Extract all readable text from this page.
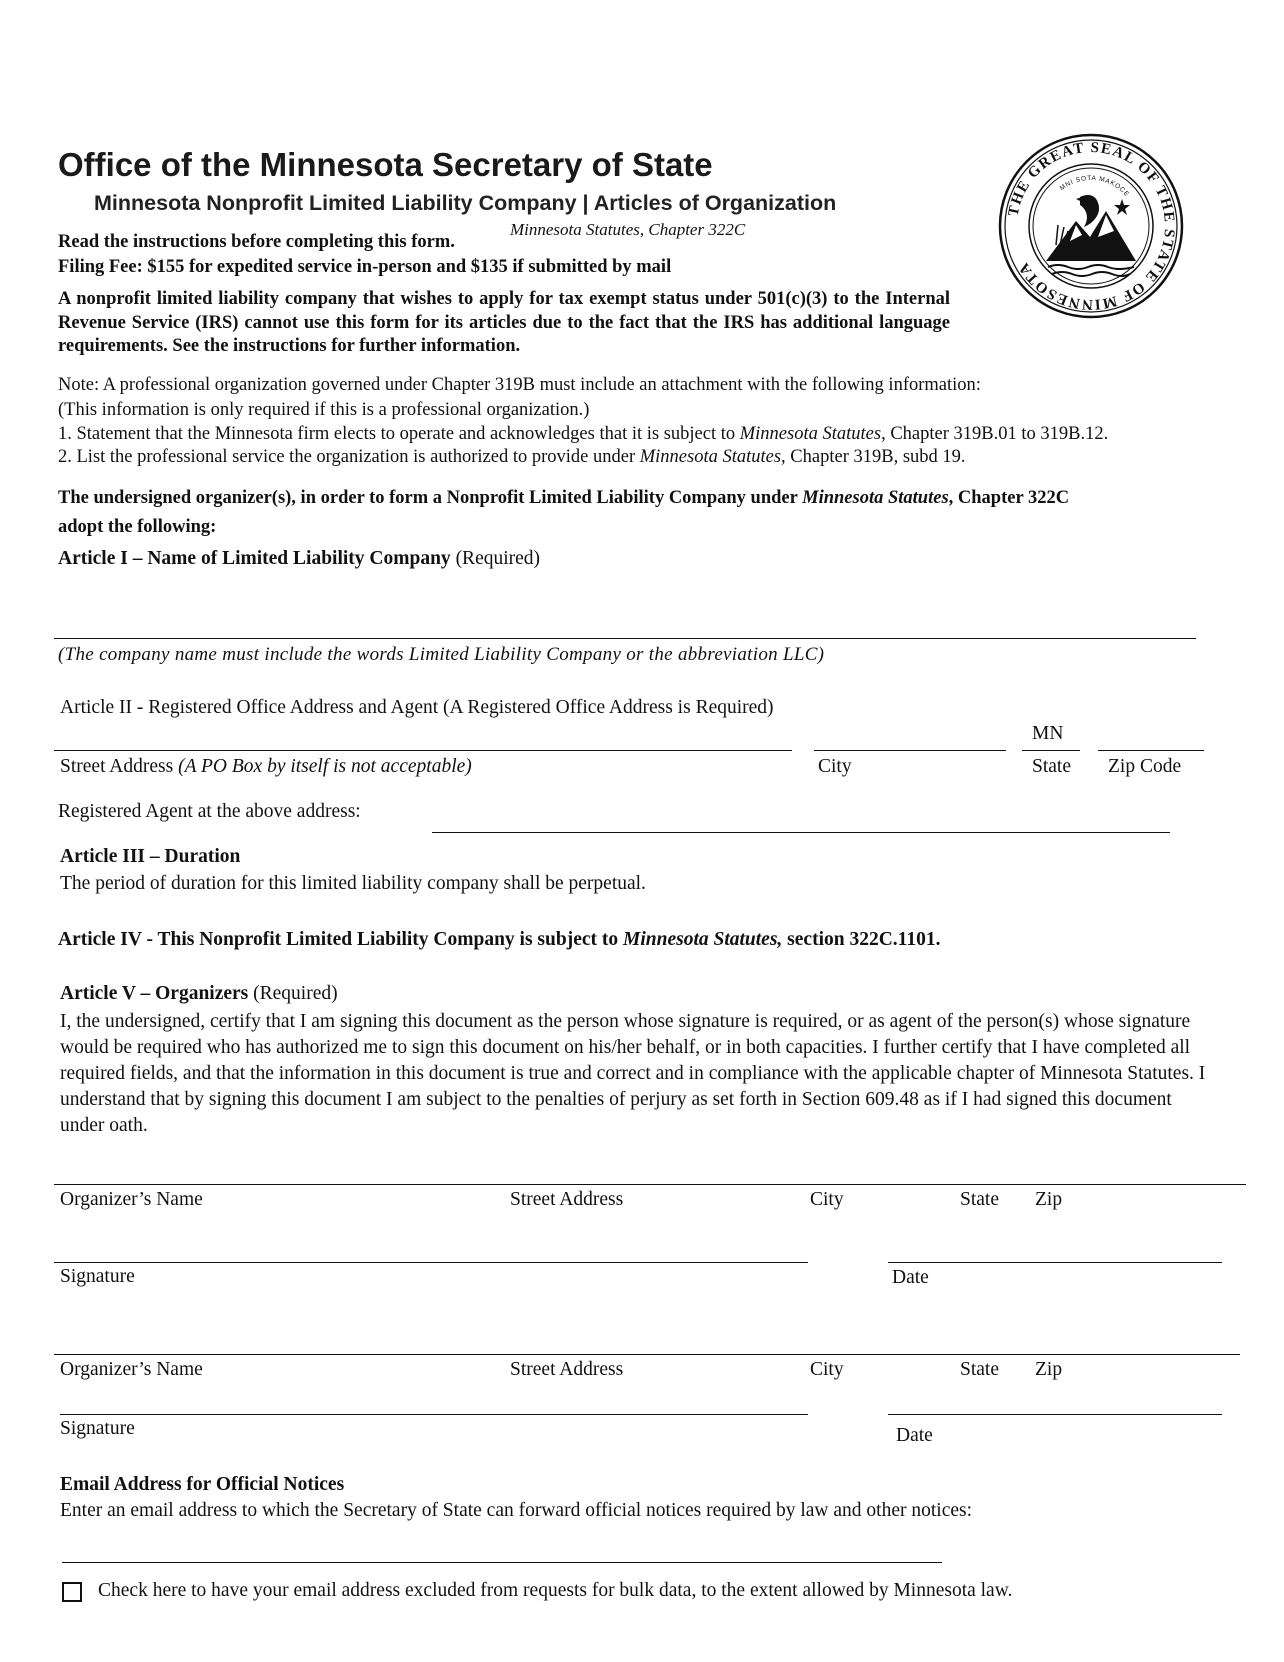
Office of the Minnesota Secretary of State
Minnesota Nonprofit Limited Liability Company | Articles of Organization
Minnesota Statutes, Chapter 322C
THE GREAT SEAL OF THE STATE OF MINNESOTA
MNI SOTA MAKOCE
Read the instructions before completing this form.
Filing Fee: $155 for expedited service in-person and $135 if submitted by mail
A nonprofit limited liability company that wishes to apply for tax exempt status under 501(c)(3) to the Internal Revenue Service (IRS) cannot use this form for its articles due to the fact that the IRS has additional language requirements. See the instructions for further information.
Note: A professional organization governed under Chapter 319B must include an attachment with the following information:
(This information is only required if this is a professional organization.)
1. Statement that the Minnesota firm elects to operate and acknowledges that it is subject to Minnesota Statutes, Chapter 319B.01 to 319B.12.
2. List the professional service the organization is authorized to provide under Minnesota Statutes, Chapter 319B, subd 19.
The undersigned organizer(s), in order to form a Nonprofit Limited Liability Company under Minnesota Statutes, Chapter 322C
adopt the following:
Article I – Name of Limited Liability Company (Required)
(The company name must include the words Limited Liability Company or the abbreviation LLC)
Article II - Registered Office Address and Agent (A Registered Office Address is Required)
MN
Street Address (A PO Box by itself is not acceptable)	City	State Zip Code
Registered Agent at the above address:
Article III – Duration
The period of duration for this limited liability company shall be perpetual.
Article IV - This Nonprofit Limited Liability Company is subject to Minnesota Statutes, section 322C.1101.
Article V – Organizers (Required)
I, the undersigned, certify that I am signing this document as the person whose signature is required, or as agent of the person(s) whose signature would be required who has authorized me to sign this document on his/her behalf, or in both capacities. I further certify that I have completed all required fields, and that the information in this document is true and correct and in compliance with the applicable chapter of Minnesota Statutes. I understand that by signing this document I am subject to the penalties of perjury as set forth in Section 609.48 as if I had signed this document under oath.
Organizer’s Name	Street Address	City	State Zip
Signature	Date
Organizer’s Name	Street Address	City	State Zip
Signature	Date
Email Address for Official Notices
Enter an email address to which the Secretary of State can forward official notices required by law and other notices:
Check here to have your email address excluded from requests for bulk data, to the extent allowed by Minnesota law.
